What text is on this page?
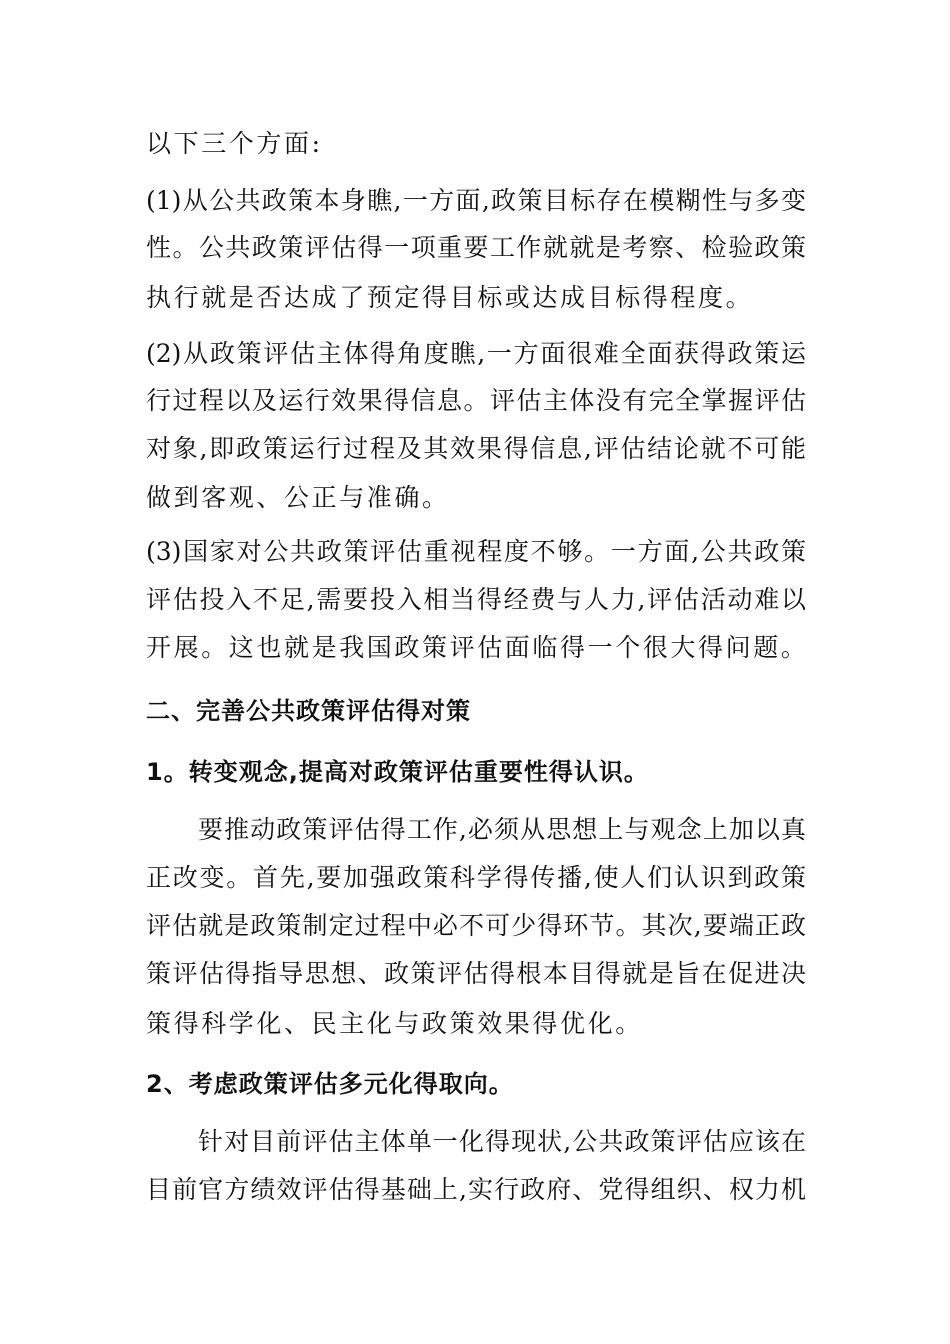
以下三个方面:
(1)从公共政策本身瞧,一方面,政策目标存在模糊性与多变
性。公共政策评估得一项重要工作就就是考察、检验政策
执行就是否达成了预定得目标或达成目标得程度。
(2)从政策评估主体得角度瞧,一方面很难全面获得政策运
行过程以及运行效果得信息。评估主体没有完全掌握评估
对象,即政策运行过程及其效果得信息,评估结论就不可能
做到客观、公正与准确。
(3)国家对公共政策评估重视程度不够。一方面,公共政策
评估投入不足,需要投入相当得经费与人力,评估活动难以
开展。这也就是我国政策评估面临得一个很大得问题。
二、完善公共政策评估得对策
1。转变观念,提高对政策评估重要性得认识。
要推动政策评估得工作,必须从思想上与观念上加以真
正改变。首先,要加强政策科学得传播,使人们认识到政策
评估就是政策制定过程中必不可少得环节。其次,要端正政
策评估得指导思想、政策评估得根本目得就是旨在促进决
策得科学化、民主化与政策效果得优化。
2、考虑政策评估多元化得取向。
针对目前评估主体单一化得现状,公共政策评估应该在
目前官方绩效评估得基础上,实行政府、党得组织、权力机
